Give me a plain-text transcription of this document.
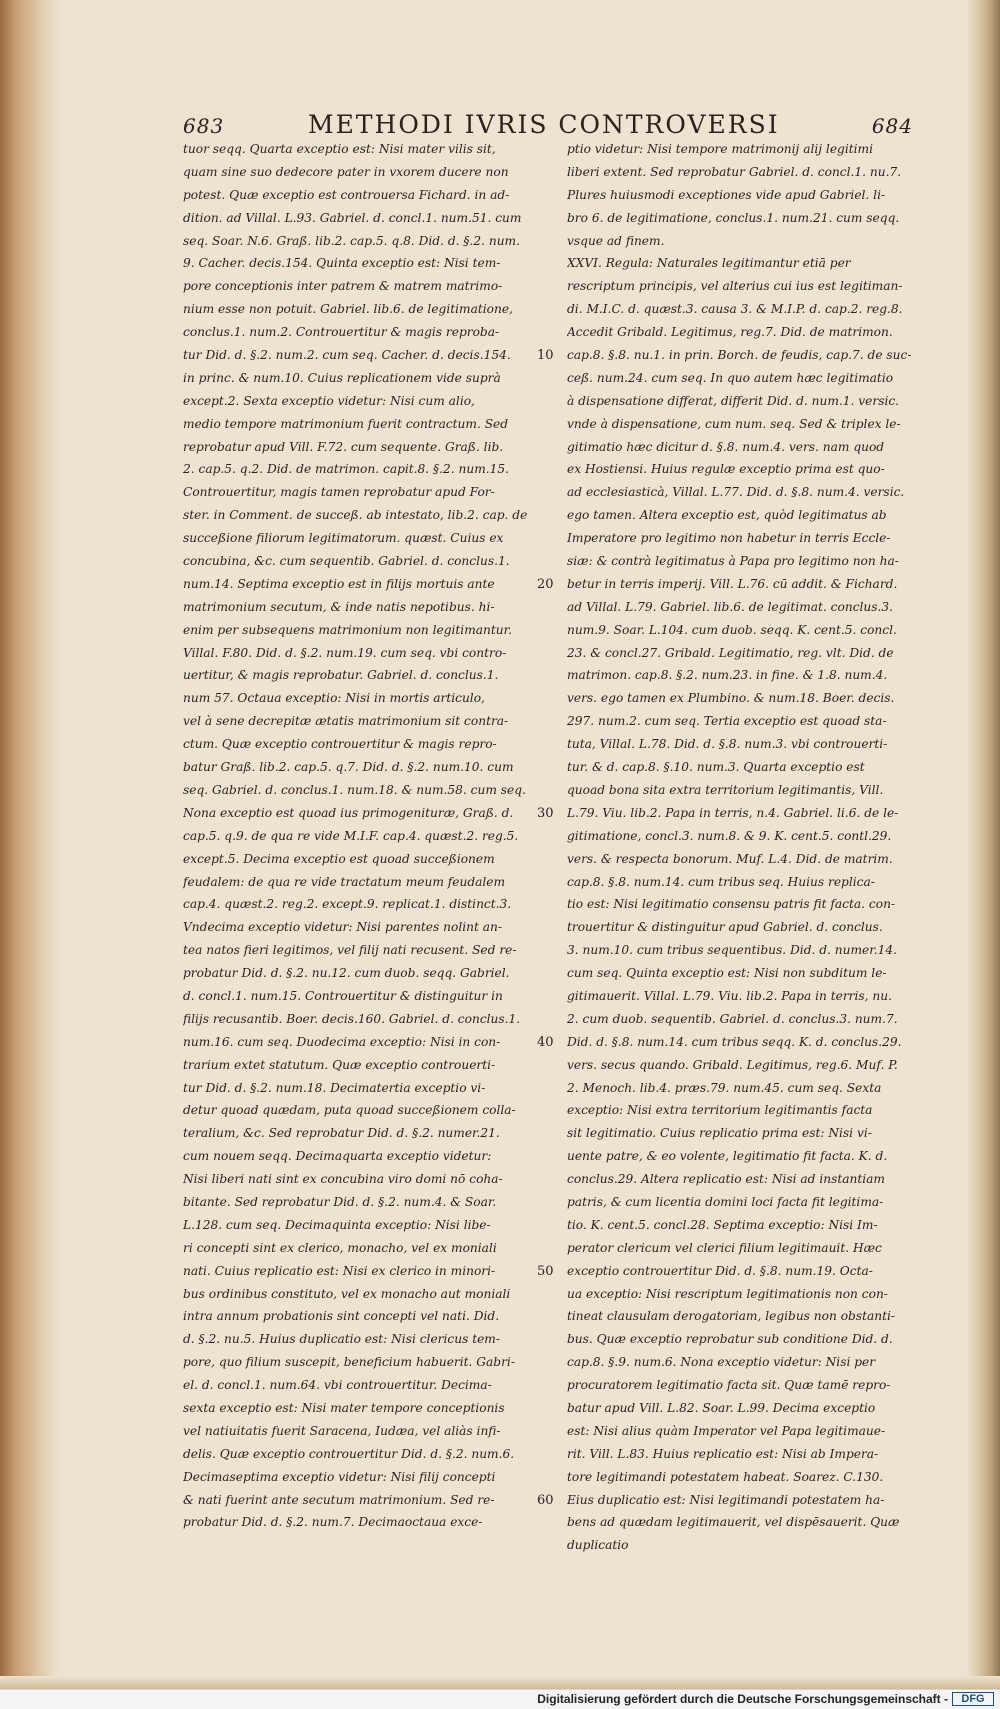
683	METHODI IVRIS CONTROVERSI	684
tuor seqq. Quarta exceptio est: Nisi mater vilis sit,
quam sine suo dedecore pater in vxorem ducere non
potest. Quæ exceptio est controuersa Fichard. in ad-
dition. ad Villal. L.93. Gabriel. d. concl.1. num.51. cum
seq. Soar. N.6. Graß. lib.2. cap.5. q.8. Did. d. §.2. num.
9. Cacher. decis.154. Quinta exceptio est: Nisi tem-
pore conceptionis inter patrem & matrem matrimo-
nium esse non potuit. Gabriel. lib.6. de legitimatione,
conclus.1. num.2. Controuertitur & magis reproba-
tur Did. d. §.2. num.2. cum seq. Cacher. d. decis.154.
in princ. & num.10. Cuius replicationem vide suprà
except.2. Sexta exceptio videtur: Nisi cum alio,
medio tempore matrimonium fuerit contractum. Sed
reprobatur apud Vill. F.72. cum sequente. Graß. lib.
2. cap.5. q.2. Did. de matrimon. capit.8. §.2. num.15.
Controuertitur, magis tamen reprobatur apud For-
ster. in Comment. de succeß. ab intestato, lib.2. cap. de
succeßione filiorum legitimatorum. quæst. Cuius ex
concubina, &c. cum sequentib. Gabriel. d. conclus.1.
num.14. Septima exceptio est in filijs mortuis ante
matrimonium secutum, & inde natis nepotibus. hi-
enim per subsequens matrimonium non legitimantur.
Villal. F.80. Did. d. §.2. num.19. cum seq. vbi contro-
uertitur, & magis reprobatur. Gabriel. d. conclus.1.
num 57. Octaua exceptio: Nisi in mortis articulo,
vel à sene decrepitæ ætatis matrimonium sit contra-
ctum. Quæ exceptio controuertitur & magis repro-
batur Graß. lib.2. cap.5. q.7. Did. d. §.2. num.10. cum
seq. Gabriel. d. conclus.1. num.18. & num.58. cum seq.
Nona exceptio est quoad ius primogenituræ, Graß. d.
cap.5. q.9. de qua re vide M.I.F. cap.4. quæst.2. reg.5.
except.5. Decima exceptio est quoad succeßionem
feudalem: de qua re vide tractatum meum feudalem
cap.4. quæst.2. reg.2. except.9. replicat.1. distinct.3.
Vndecima exceptio videtur: Nisi parentes nolint an-
tea natos fieri legitimos, vel filij nati recusent. Sed re-
probatur Did. d. §.2. nu.12. cum duob. seqq. Gabriel.
d. concl.1. num.15. Controuertitur & distinguitur in
filijs recusantib. Boer. decis.160. Gabriel. d. conclus.1.
num.16. cum seq. Duodecima exceptio: Nisi in con-
trarium extet statutum. Quæ exceptio controuerti-
tur Did. d. §.2. num.18. Decimatertia exceptio vi-
detur quoad quædam, puta quoad succeßionem colla-
teralium, &c. Sed reprobatur Did. d. §.2. numer.21.
cum nouem seqq. Decimaquarta exceptio videtur:
Nisi liberi nati sint ex concubina viro domi nō coha-
bitante. Sed reprobatur Did. d. §.2. num.4. & Soar.
L.128. cum seq. Decimaquinta exceptio: Nisi libe-
ri concepti sint ex clerico, monacho, vel ex moniali
nati. Cuius replicatio est: Nisi ex clerico in minori-
bus ordinibus constituto, vel ex monacho aut moniali
intra annum probationis sint concepti vel nati. Did.
d. §.2. nu.5. Huius duplicatio est: Nisi clericus tem-
pore, quo filium suscepit, beneficium habuerit. Gabri-
el. d. concl.1. num.64. vbi controuertitur. Decima-
sexta exceptio est: Nisi mater tempore conceptionis
vel natiuitatis fuerit Saracena, Iudæa, vel aliàs infi-
delis. Quæ exceptio controuertitur Did. d. §.2. num.6.
Decimaseptima exceptio videtur: Nisi filij concepti
& nati fuerint ante secutum matrimonium. Sed re-
probatur Did. d. §.2. num.7. Decimaoctaua exce-
10
20
30
40
50
60
ptio videtur: Nisi tempore matrimonij alij legitimi
liberi extent. Sed reprobatur Gabriel. d. concl.1. nu.7.
Plures huiusmodi exceptiones vide apud Gabriel. li-
bro 6. de legitimatione, conclus.1. num.21. cum seqq.
vsque ad finem.
XXVI. Regula: Naturales legitimantur etiā per
rescriptum principis, vel alterius cui ius est legitiman-
di. M.I.C. d. quæst.3. causa 3. & M.I.P. d. cap.2. reg.8.
Accedit Gribald. Legitimus, reg.7. Did. de matrimon.
cap.8. §.8. nu.1. in prin. Borch. de feudis, cap.7. de suc-
ceß. num.24. cum seq. In quo autem hæc legitimatio
à dispensatione differat, differit Did. d. num.1. versic.
vnde à dispensatione, cum num. seq. Sed & triplex le-
gitimatio hæc dicitur d. §.8. num.4. vers. nam quod
ex Hostiensi. Huius regulæ exceptio prima est quo-
ad ecclesiasticà, Villal. L.77. Did. d. §.8. num.4. versic.
ego tamen. Altera exceptio est, quòd legitimatus ab
Imperatore pro legitimo non habetur in terris Eccle-
siæ: & contrà legitimatus à Papa pro legitimo non ha-
betur in terris imperij. Vill. L.76. cū addit. & Fichard.
ad Villal. L.79. Gabriel. lib.6. de legitimat. conclus.3.
num.9. Soar. L.104. cum duob. seqq. K. cent.5. concl.
23. & concl.27. Gribald. Legitimatio, reg. vlt. Did. de
matrimon. cap.8. §.2. num.23. in fine. & 1.8. num.4.
vers. ego tamen ex Plumbino. & num.18. Boer. decis.
297. num.2. cum seq. Tertia exceptio est quoad sta-
tuta, Villal. L.78. Did. d. §.8. num.3. vbi controuerti-
tur. & d. cap.8. §.10. num.3. Quarta exceptio est
quoad bona sita extra territorium legitimantis, Vill.
L.79. Viu. lib.2. Papa in terris, n.4. Gabriel. li.6. de le-
gitimatione, concl.3. num.8. & 9. K. cent.5. contl.29.
vers. & respecta bonorum. Muf. L.4. Did. de matrim.
cap.8. §.8. num.14. cum tribus seq. Huius replica-
tio est: Nisi legitimatio consensu patris fit facta. con-
trouertitur & distinguitur apud Gabriel. d. conclus.
3. num.10. cum tribus sequentibus. Did. d. numer.14.
cum seq. Quinta exceptio est: Nisi non subditum le-
gitimauerit. Villal. L.79. Viu. lib.2. Papa in terris, nu.
2. cum duob. sequentib. Gabriel. d. conclus.3. num.7.
Did. d. §.8. num.14. cum tribus seqq. K. d. conclus.29.
vers. secus quando. Gribald. Legitimus, reg.6. Muf. P.
2. Menoch. lib.4. præs.79. num.45. cum seq. Sexta
exceptio: Nisi extra territorium legitimantis facta
sit legitimatio. Cuius replicatio prima est: Nisi vi-
uente patre, & eo volente, legitimatio fit facta. K. d.
conclus.29. Altera replicatio est: Nisi ad instantiam
patris, & cum licentia domini loci facta fit legitima-
tio. K. cent.5. concl.28. Septima exceptio: Nisi Im-
perator clericum vel clerici filium legitimauit. Hæc
exceptio controuertitur Did. d. §.8. num.19. Octa-
ua exceptio: Nisi rescriptum legitimationis non con-
tineat clausulam derogatoriam, legibus non obstanti-
bus. Quæ exceptio reprobatur sub conditione Did. d.
cap.8. §.9. num.6. Nona exceptio videtur: Nisi per
procuratorem legitimatio facta sit. Quæ tamē repro-
batur apud Vill. L.82. Soar. L.99. Decima exceptio
est: Nisi alius quàm Imperator vel Papa legitimaue-
rit. Vill. L.83. Huius replicatio est: Nisi ab Impera-
tore legitimandi potestatem habeat. Soarez. C.130.
Eius duplicatio est: Nisi legitimandi potestatem ha-
bens ad quædam legitimauerit, vel dispēsauerit. Quæ
duplicatio
Digitalisierung gefördert durch die Deutsche Forschungsgemeinschaft -	DFG
